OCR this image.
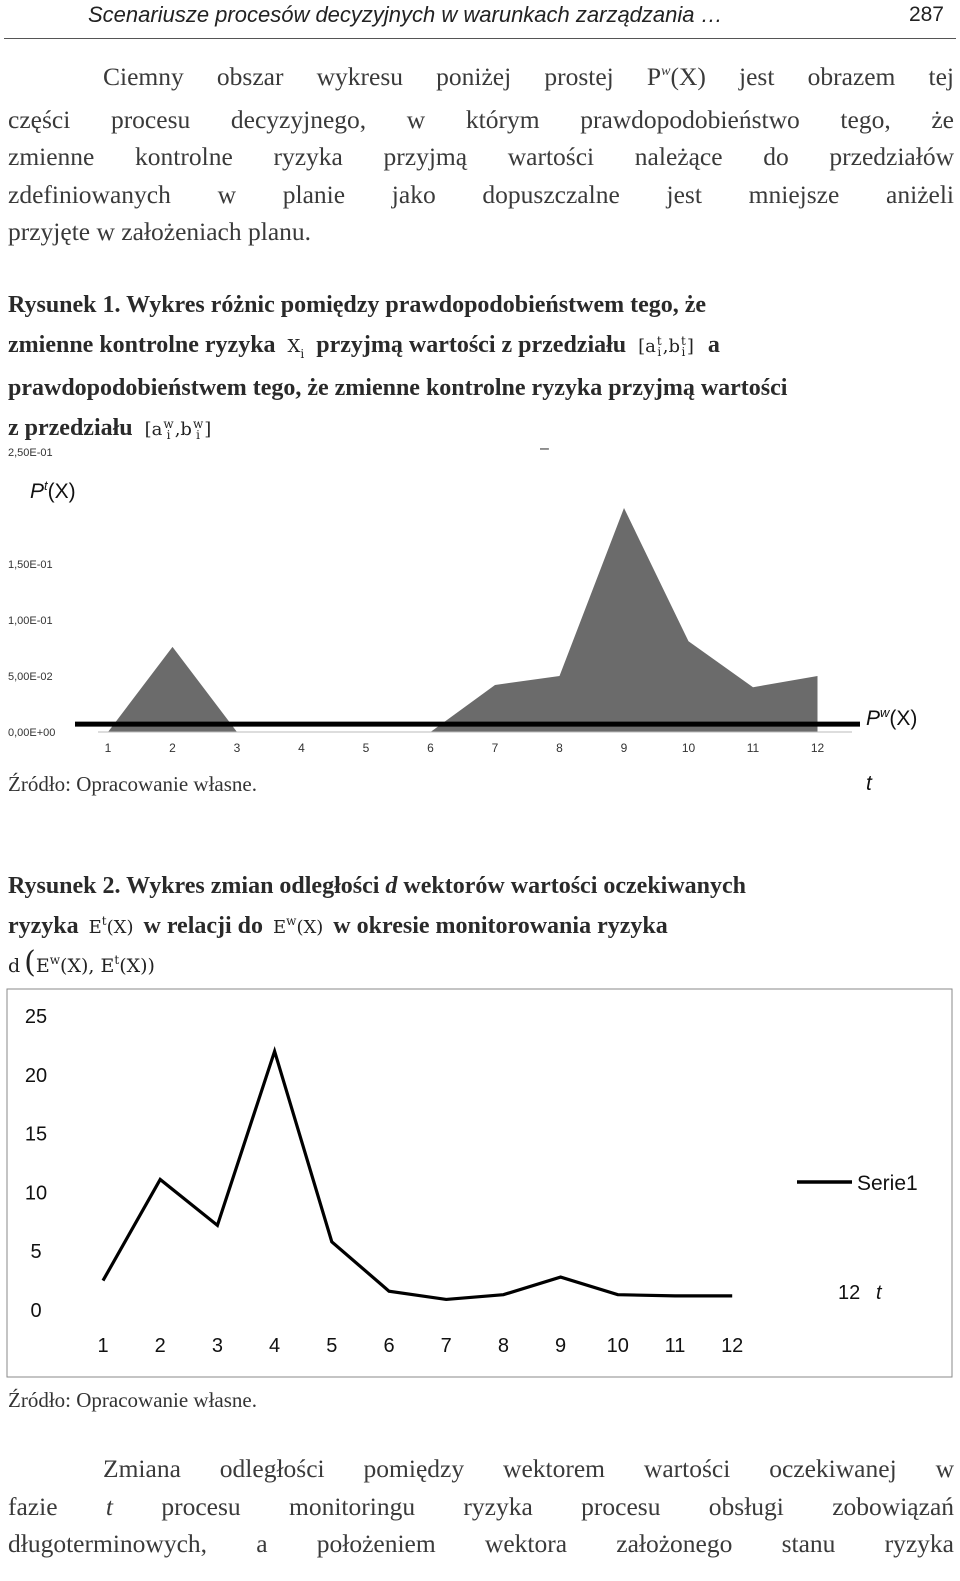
Scenariusze procesów decyzyjnych w warunkach zarządzania …	287
Ciemny obszar wykresu poniżej prostej $P^w(X)$ jest obrazem tej
części procesu decyzyjnego, w którym prawdopodobieństwo tego, że
zmienne kontrolne ryzyka przyjmą wartości należące do przedziałów
zdefiniowanych w planie jako dopuszczalne jest mniejsze aniżeli
przyjęte w założeniach planu.
Rysunek 1. Wykres różnic pomiędzy prawdopodobieństwem tego, że
zmienne kontrolne ryzyka $X_i$ przyjmą wartości z przedziału [at
i,bt
i] a
prawdopodobieństwem tego, że zmienne kontrolne ryzyka przyjmą wartości
z przedziału [aw
i ,bw
i ]
0,00E+00
5,00E-02
1,00E-01
1,50E-01
2,50E-01
1	2	3	4	5	6	7	8	9	10	11	12
–
$P^t(X)$
$P^w(X)$
Źródło: Opracowanie własne.	t
Rysunek 2. Wykres zmian odległości d wektorów wartości oczekiwanych
ryzyka $E^t(X)$ w relacji do $E^w(X)$ w okresie monitorowania ryzyka
d ($E^w(X)$, $E^t(X)$)
0
5
10
15
20
25
1 2 3 4 5 6 7 8 9 10 11 12
Serie1
12 t
Źródło: Opracowanie własne.
Zmiana odległości pomiędzy wektorem wartości oczekiwanej w
fazie t procesu monitoringu ryzyka procesu obsługi zobowiązań
długoterminowych, a położeniem wektora założonego stanu ryzyka
